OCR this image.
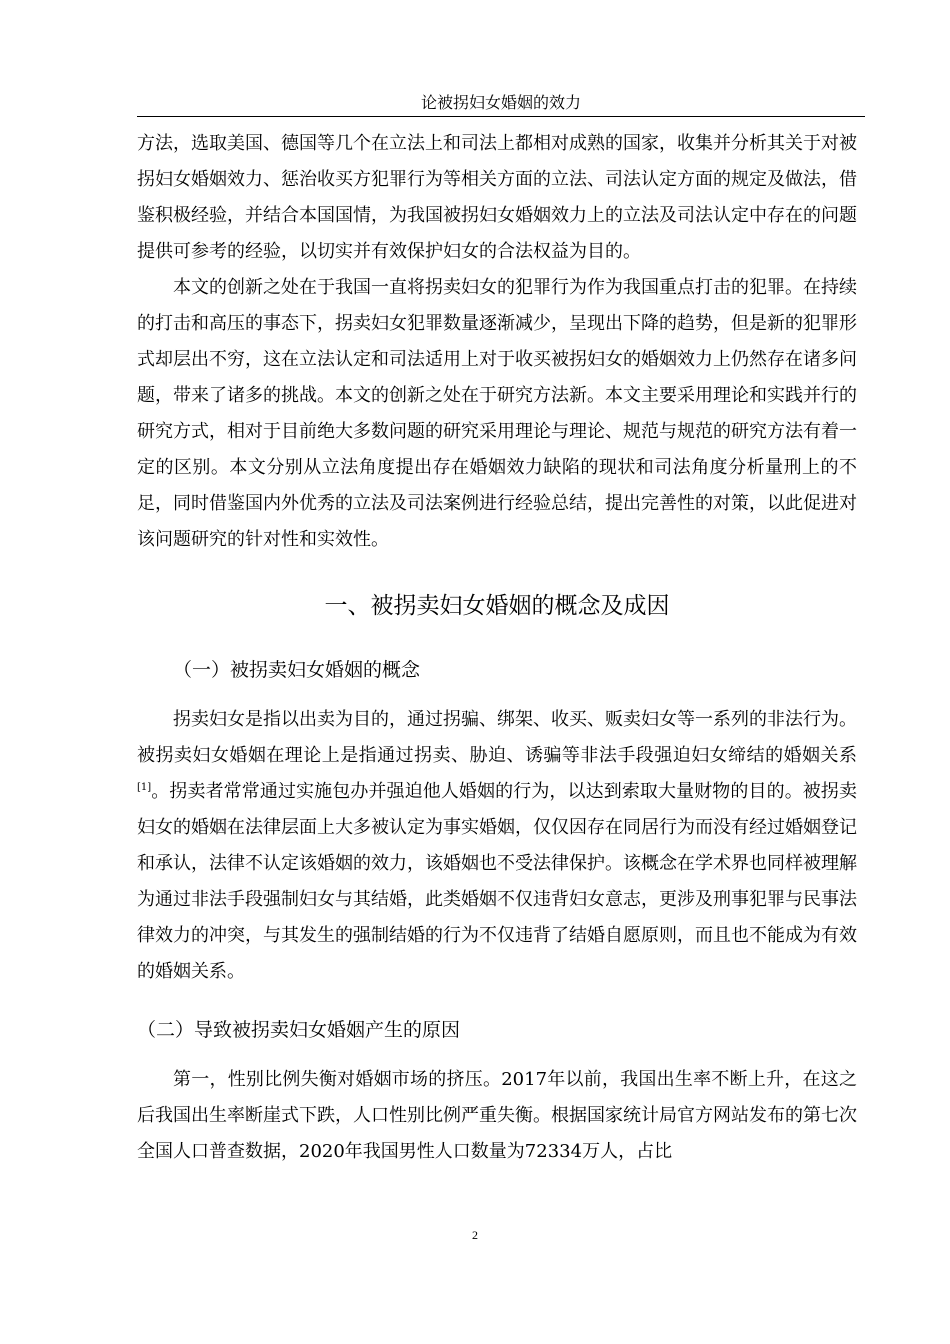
论被拐妇女婚姻的效力

方法，选取美国、德国等几个在立法上和司法上都相对成熟的国家，收集并分析其关于对被拐妇女婚姻效力、惩治收买方犯罪行为等相关方面的立法、司法认定方面的规定及做法，借鉴积极经验，并结合本国国情，为我国被拐妇女婚姻效力上的立法及司法认定中存在的问题提供可参考的经验，以切实并有效保护妇女的合法权益为目的。

本文的创新之处在于我国一直将拐卖妇女的犯罪行为作为我国重点打击的犯罪。在持续的打击和高压的事态下，拐卖妇女犯罪数量逐渐减少，呈现出下降的趋势，但是新的犯罪形式却层出不穷，这在立法认定和司法适用上对于收买被拐妇女的婚姻效力上仍然存在诸多问题，带来了诸多的挑战。本文的创新之处在于研究方法新。本文主要采用理论和实践并行的研究方式，相对于目前绝大多数问题的研究采用理论与理论、规范与规范的研究方法有着一定的区别。本文分别从立法角度提出存在婚姻效力缺陷的现状和司法角度分析量刑上的不足，同时借鉴国内外优秀的立法及司法案例进行经验总结，提出完善性的对策，以此促进对该问题研究的针对性和实效性。

一、被拐卖妇女婚姻的概念及成因
（一）被拐卖妇女婚姻的概念

拐卖妇女是指以出卖为目的，通过拐骗、绑架、收买、贩卖妇女等一系列的非法行为。被拐卖妇女婚姻在理论上是指通过拐卖、胁迫、诱骗等非法手段强迫妇女缔结的婚姻关系[1]。拐卖者常常通过实施包办并强迫他人婚姻的行为，以达到索取大量财物的目的。被拐卖妇女的婚姻在法律层面上大多被认定为事实婚姻，仅仅因存在同居行为而没有经过婚姻登记和承认，法律不认定该婚姻的效力，该婚姻也不受法律保护。该概念在学术界也同样被理解为通过非法手段强制妇女与其结婚，此类婚姻不仅违背妇女意志，更涉及刑事犯罪与民事法律效力的冲突，与其发生的强制结婚的行为不仅违背了结婚自愿原则，而且也不能成为有效的婚姻关系。

（二）导致被拐卖妇女婚姻产生的原因

第一，性别比例失衡对婚姻市场的挤压。2017年以前，我国出生率不断上升，在这之后我国出生率断崖式下跌，人口性别比例严重失衡。根据国家统计局官方网站发布的第七次全国人口普查数据，2020年我国男性人口数量为72334万人，占比

2
